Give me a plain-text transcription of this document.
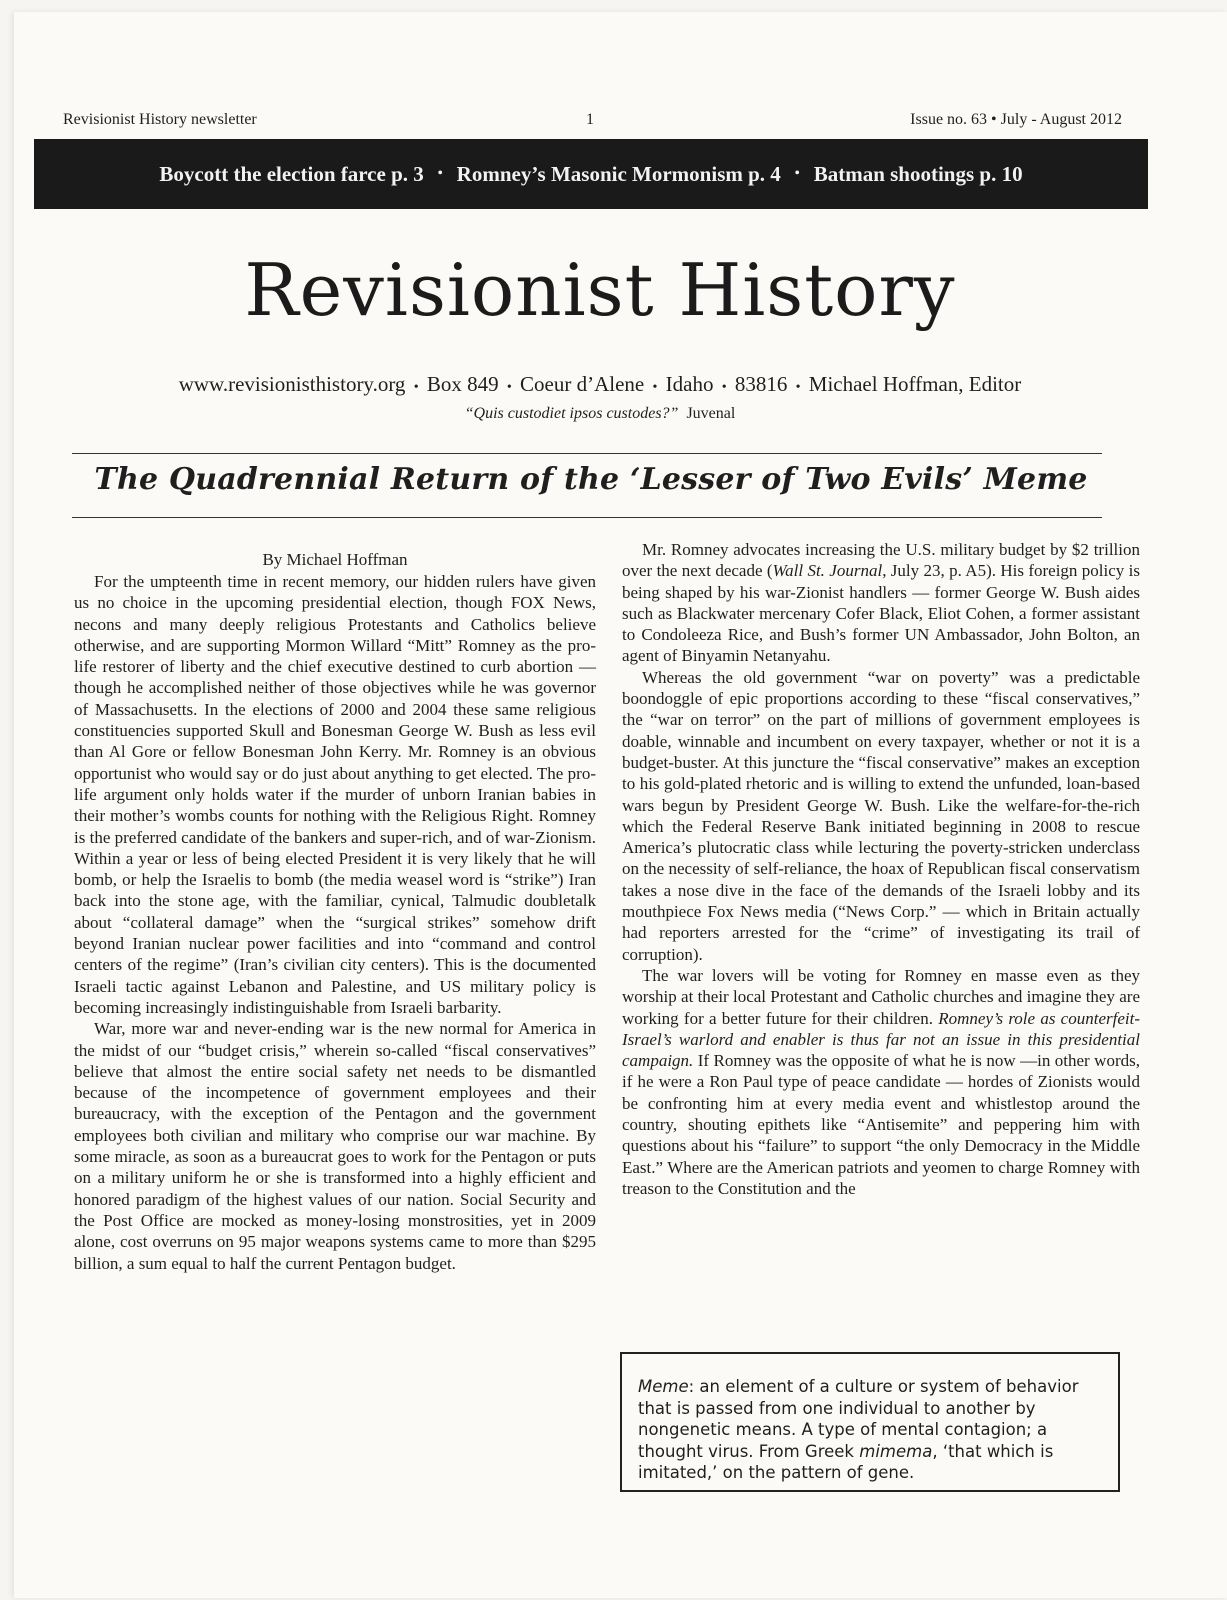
Revisionist History newsletter	1	Issue no. 63 • July - August 2012
Boycott the election farce p. 3 • Romney’s Masonic Mormonism p. 4 • Batman shootings p. 10
Revisionist History
www.revisionisthistory.org • Box 849 • Coeur d’Alene • Idaho • 83816 • Michael Hoffman, Editor
“Quis custodiet ipsos custodes?” Juvenal
The Quadrennial Return of the ‘Lesser of Two Evils’ Meme
By Michael Hoffman

For the umpteenth time in recent memory, our hidden rulers have given us no choice in the upcoming presidential election, though FOX News, necons and many deeply religious Protestants and Catholics believe otherwise, and are supporting Mormon Willard “Mitt” Romney as the pro-life restorer of liberty and the chief executive destined to curb abortion — though he accomplished neither of those objectives while he was governor of Massachusetts. In the elections of 2000 and 2004 these same religious constituencies supported Skull and Bonesman George W. Bush as less evil than Al Gore or fellow Bonesman John Kerry. Mr. Romney is an obvious opportunist who would say or do just about anything to get elected. The pro-life argument only holds water if the murder of unborn Iranian babies in their mother’s wombs counts for nothing with the Religious Right. Romney is the preferred candidate of the bankers and super-rich, and of war-Zionism. Within a year or less of being elected President it is very likely that he will bomb, or help the Israelis to bomb (the media weasel word is “strike”) Iran back into the stone age, with the familiar, cynical, Talmudic doubletalk about “collateral damage” when the “surgical strikes” somehow drift beyond Iranian nuclear power facilities and into “command and control centers of the regime” (Iran’s civilian city centers). This is the documented Israeli tactic against Lebanon and Palestine, and US military policy is becoming increasingly indistinguishable from Israeli barbarity.

War, more war and never-ending war is the new normal for America in the midst of our “budget crisis,” wherein so-called “fiscal conservatives” believe that almost the entire social safety net needs to be dismantled because of the incompetence of government employees and their bureaucracy, with the exception of the Pentagon and the government employees both civilian and military who comprise our war machine. By some miracle, as soon as a bureaucrat goes to work for the Pentagon or puts on a military uniform he or she is transformed into a highly efficient and honored paradigm of the highest values of our nation. Social Security and the Post Office are mocked as money-losing monstrosities, yet in 2009 alone, cost overruns on 95 major weapons systems came to more than $295 billion, a sum equal to half the current Pentagon budget.

Mr. Romney advocates increasing the U.S. military budget by $2 trillion over the next decade (Wall St. Journal, July 23, p. A5). His foreign policy is being shaped by his war-Zionist handlers — former George W. Bush aides such as Blackwater mercenary Cofer Black, Eliot Cohen, a former assistant to Condoleeza Rice, and Bush’s former UN Ambassador, John Bolton, an agent of Binyamin Netanyahu.

Whereas the old government “war on poverty” was a predictable boondoggle of epic proportions according to these “fiscal conservatives,” the “war on terror” on the part of millions of government employees is doable, winnable and incumbent on every taxpayer, whether or not it is a budget-buster. At this juncture the “fiscal conservative” makes an exception to his gold-plated rhetoric and is willing to extend the unfunded, loan-based wars begun by President George W. Bush. Like the welfare-for-the-rich which the Federal Reserve Bank initiated beginning in 2008 to rescue America’s plutocratic class while lecturing the poverty-stricken underclass on the necessity of self-reliance, the hoax of Republican fiscal conservatism takes a nose dive in the face of the demands of the Israeli lobby and its mouthpiece Fox News media (“News Corp.” — which in Britain actually had reporters arrested for the “crime” of investigating its trail of corruption).

The war lovers will be voting for Romney en masse even as they worship at their local Protestant and Catholic churches and imagine they are working for a better future for their children. Romney’s role as counterfeit-Israel’s warlord and enabler is thus far not an issue in this presidential campaign. If Romney was the opposite of what he is now —in other words, if he were a Ron Paul type of peace candidate — hordes of Zionists would be confronting him at every media event and whistlestop around the country, shouting epithets like “Antisemite” and peppering him with questions about his “failure” to support “the only Democracy in the Middle East.” Where are the American patriots and yeomen to charge Romney with treason to the Constitution and the

Meme: an element of a culture or system of behavior that is passed from one individual to another by nongenetic means. A type of mental contagion; a thought virus. From Greek mimema, ‘that which is imitated,’ on the pattern of gene.
